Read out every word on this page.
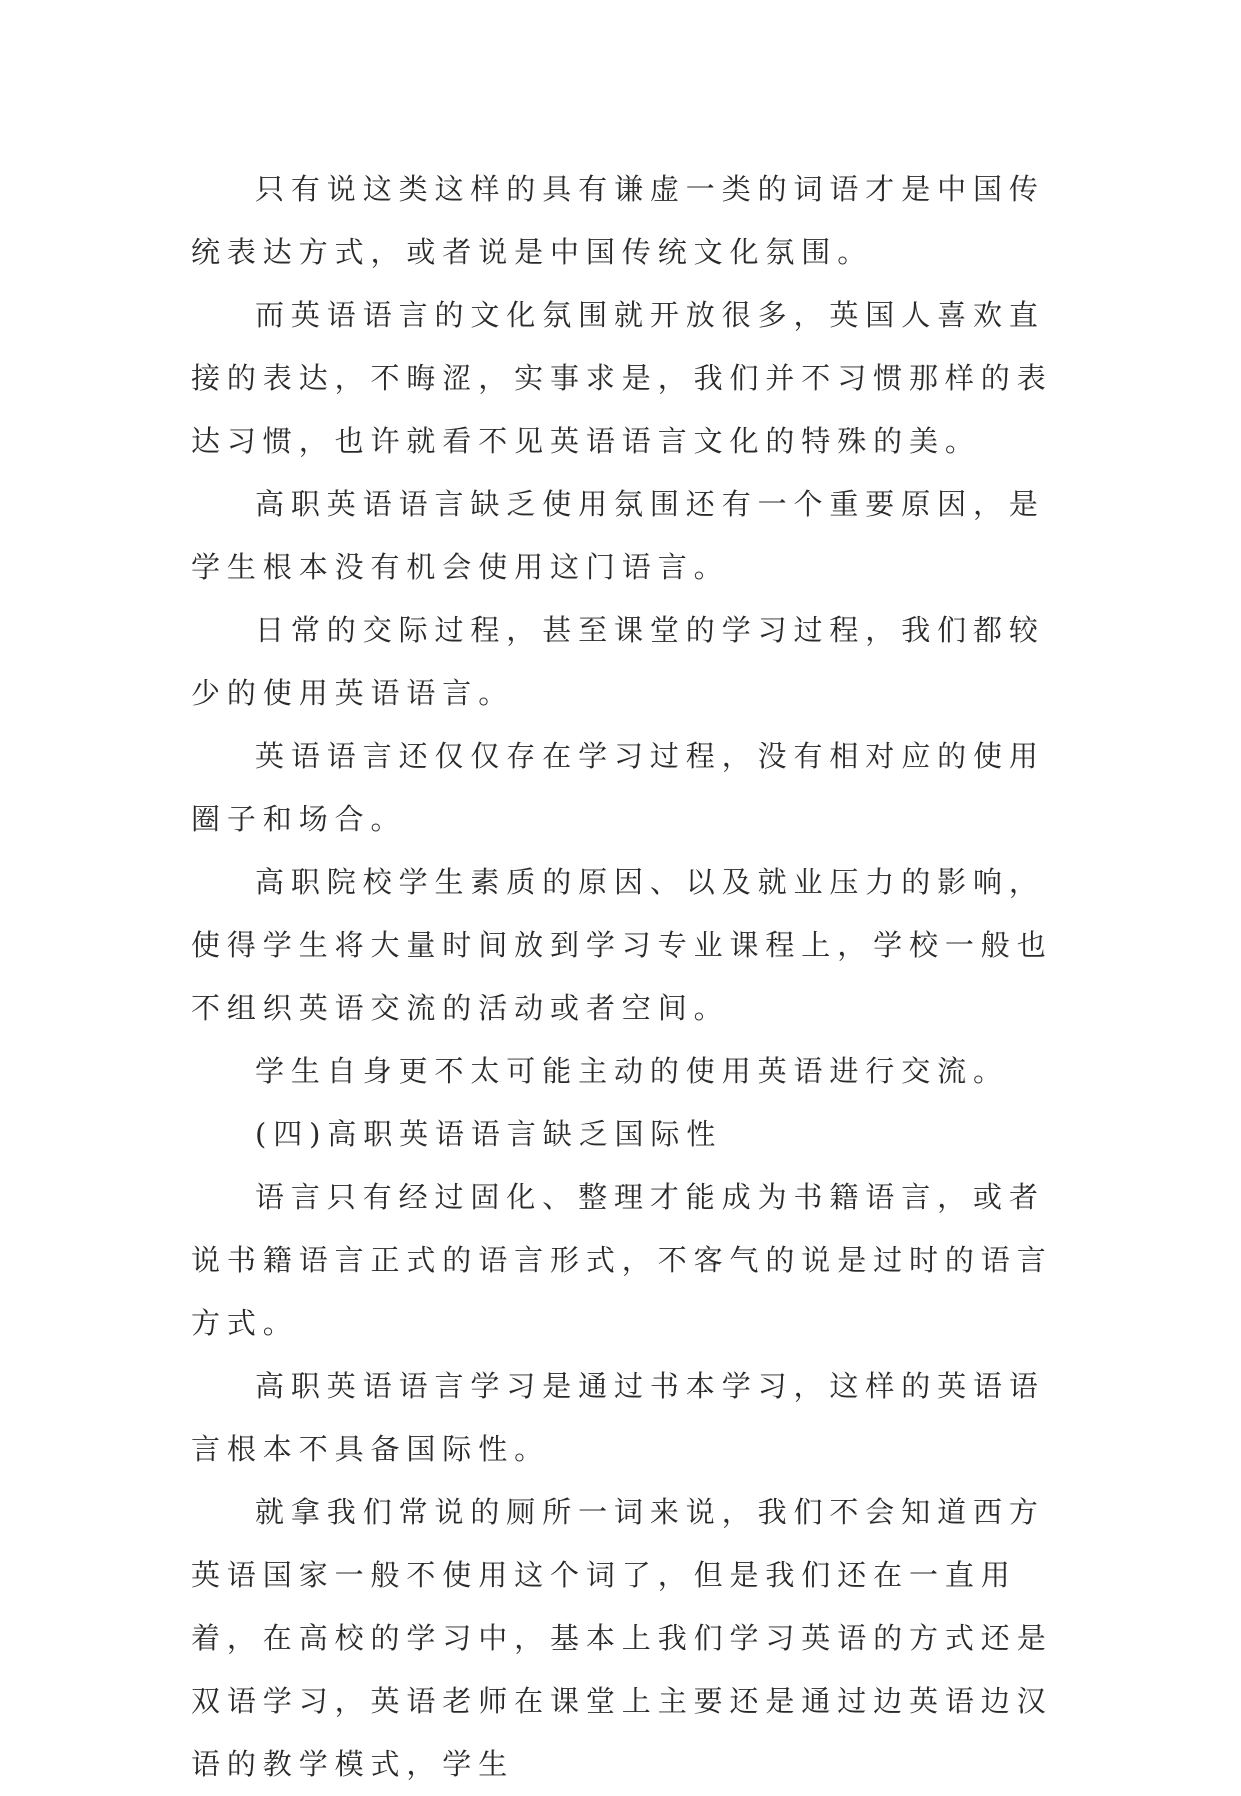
只有说这类这样的具有谦虚一类的词语才是中国传统表达方式，或者说是中国传统文化氛围。

而英语语言的文化氛围就开放很多，英国人喜欢直接的表达，不晦涩，实事求是，我们并不习惯那样的表达习惯，也许就看不见英语语言文化的特殊的美。

高职英语语言缺乏使用氛围还有一个重要原因，是学生根本没有机会使用这门语言。

日常的交际过程，甚至课堂的学习过程，我们都较少的使用英语语言。

英语语言还仅仅存在学习过程，没有相对应的使用圈子和场合。

高职院校学生素质的原因、以及就业压力的影响，使得学生将大量时间放到学习专业课程上，学校一般也不组织英语交流的活动或者空间。

学生自身更不太可能主动的使用英语进行交流。

(四)高职英语语言缺乏国际性

语言只有经过固化、整理才能成为书籍语言，或者说书籍语言正式的语言形式，不客气的说是过时的语言方式。

高职英语语言学习是通过书本学习，这样的英语语言根本不具备国际性。

就拿我们常说的厕所一词来说，我们不会知道西方英语国家一般不使用这个词了，但是我们还在一直用着，在高校的学习中，基本上我们学习英语的方式还是双语学习，英语老师在课堂上主要还是通过边英语边汉语的教学模式，学生
